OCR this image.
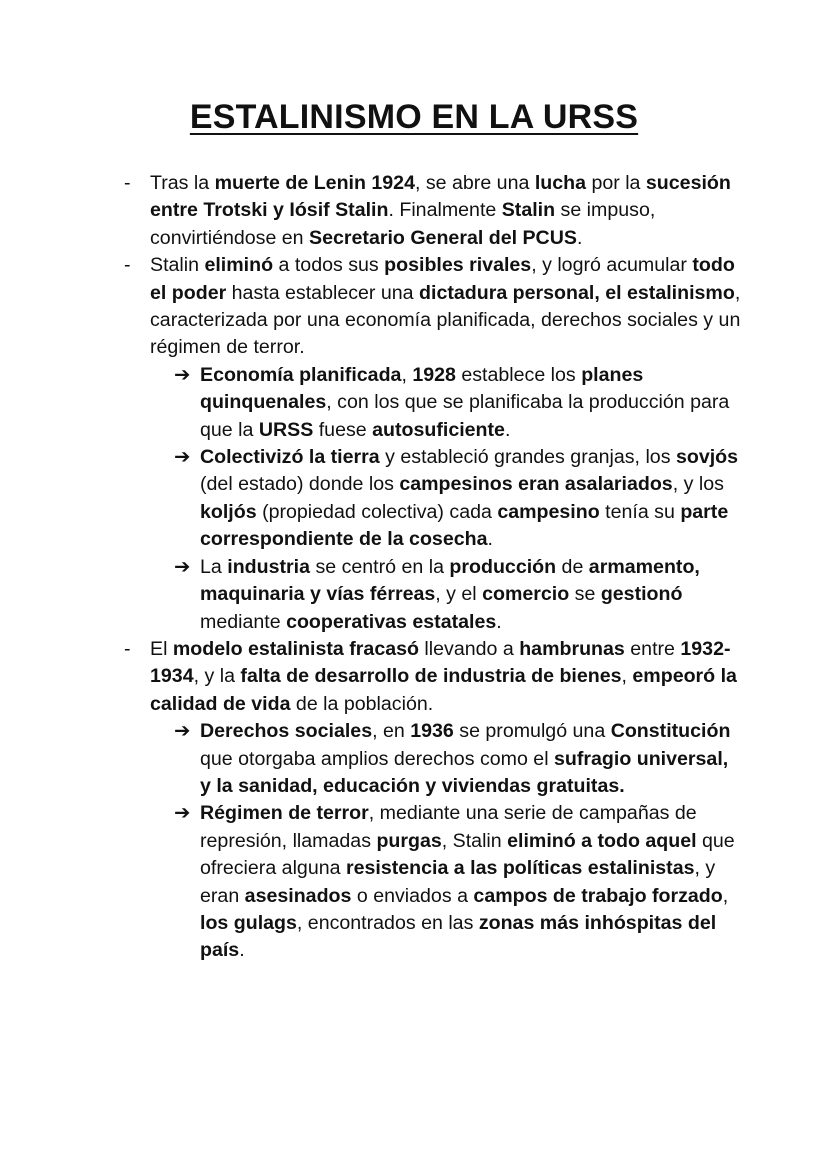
ESTALINISMO EN LA URSS
- Tras la muerte de Lenin 1924, se abre una lucha por la sucesión entre Trotski y Iósif Stalin. Finalmente Stalin se impuso, convirtiéndose en Secretario General del PCUS.
- Stalin eliminó a todos sus posibles rivales, y logró acumular todo el poder hasta establecer una dictadura personal, el estalinismo, caracterizada por una economía planificada, derechos sociales y un régimen de terror.
➔ Economía planificada, 1928 establece los planes quinquenales, con los que se planificaba la producción para que la URSS fuese autosuficiente.
➔ Colectivizó la tierra y estableció grandes granjas, los sovjós (del estado) donde los campesinos eran asalariados, y los koljós (propiedad colectiva) cada campesino tenía su parte correspondiente de la cosecha.
➔ La industria se centró en la producción de armamento, maquinaria y vías férreas, y el comercio se gestionó mediante cooperativas estatales.
- El modelo estalinista fracasó llevando a hambrunas entre 1932-1934, y la falta de desarrollo de industria de bienes, empeoró la calidad de vida de la población.
➔ Derechos sociales, en 1936 se promulgó una Constitución que otorgaba amplios derechos como el sufragio universal, y la sanidad, educación y viviendas gratuitas.
➔ Régimen de terror, mediante una serie de campañas de represión, llamadas purgas, Stalin eliminó a todo aquel que ofreciera alguna resistencia a las políticas estalinistas, y eran asesinados o enviados a campos de trabajo forzado, los gulags, encontrados en las zonas más inhóspitas del país.
